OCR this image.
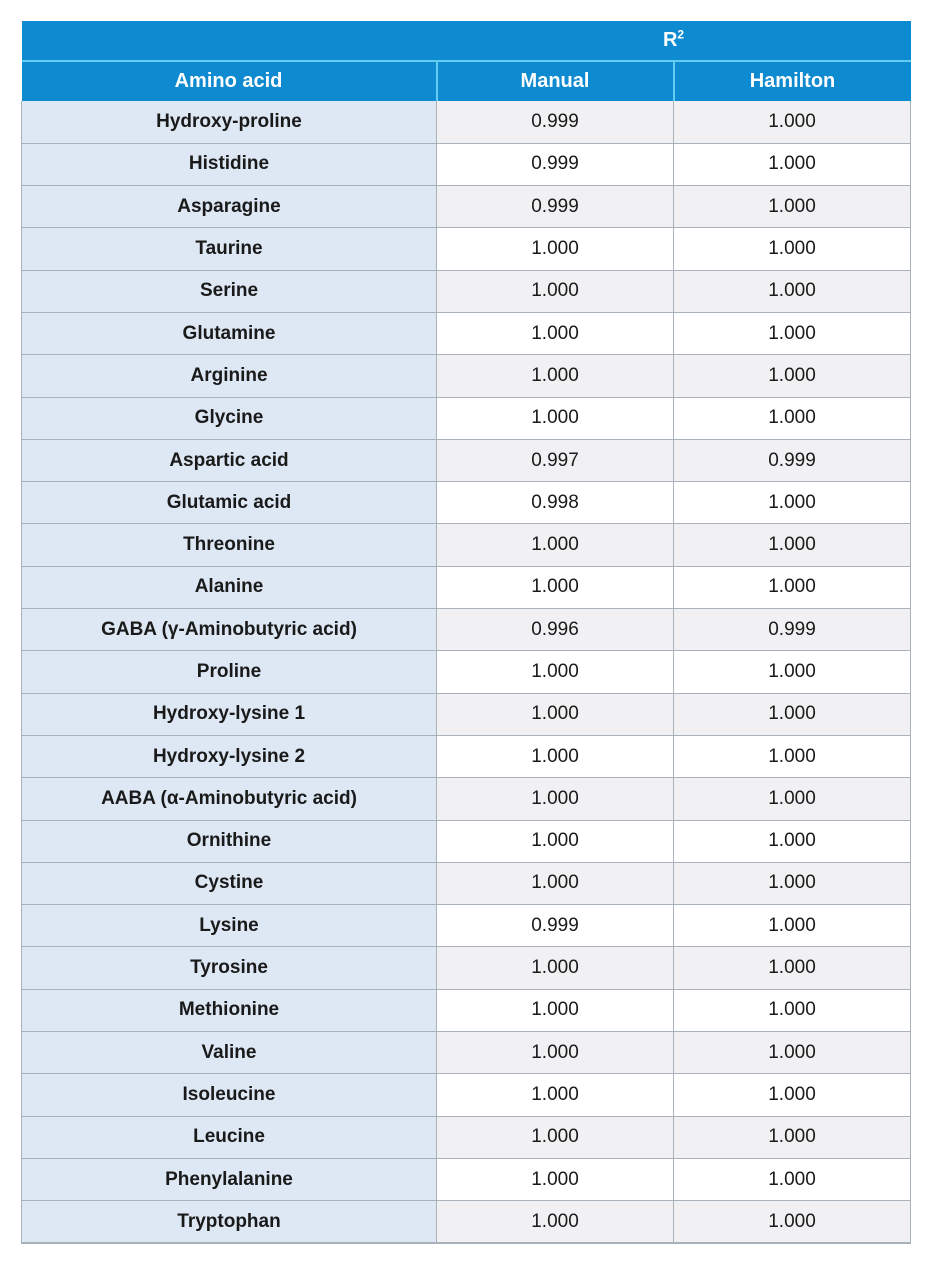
	$R^2$
Amino acid	Manual	Hamilton
Hydroxy-proline	0.999	1.000
Histidine	0.999	1.000
Asparagine	0.999	1.000
Taurine	1.000	1.000
Serine	1.000	1.000
Glutamine	1.000	1.000
Arginine	1.000	1.000
Glycine	1.000	1.000
Aspartic acid	0.997	0.999
Glutamic acid	0.998	1.000
Threonine	1.000	1.000
Alanine	1.000	1.000
GABA (γ-Aminobutyric acid)	0.996	0.999
Proline	1.000	1.000
Hydroxy-lysine 1	1.000	1.000
Hydroxy-lysine 2	1.000	1.000
AABA (α-Aminobutyric acid)	1.000	1.000
Ornithine	1.000	1.000
Cystine	1.000	1.000
Lysine	0.999	1.000
Tyrosine	1.000	1.000
Methionine	1.000	1.000
Valine	1.000	1.000
Isoleucine	1.000	1.000
Leucine	1.000	1.000
Phenylalanine	1.000	1.000
Tryptophan	1.000	1.000
